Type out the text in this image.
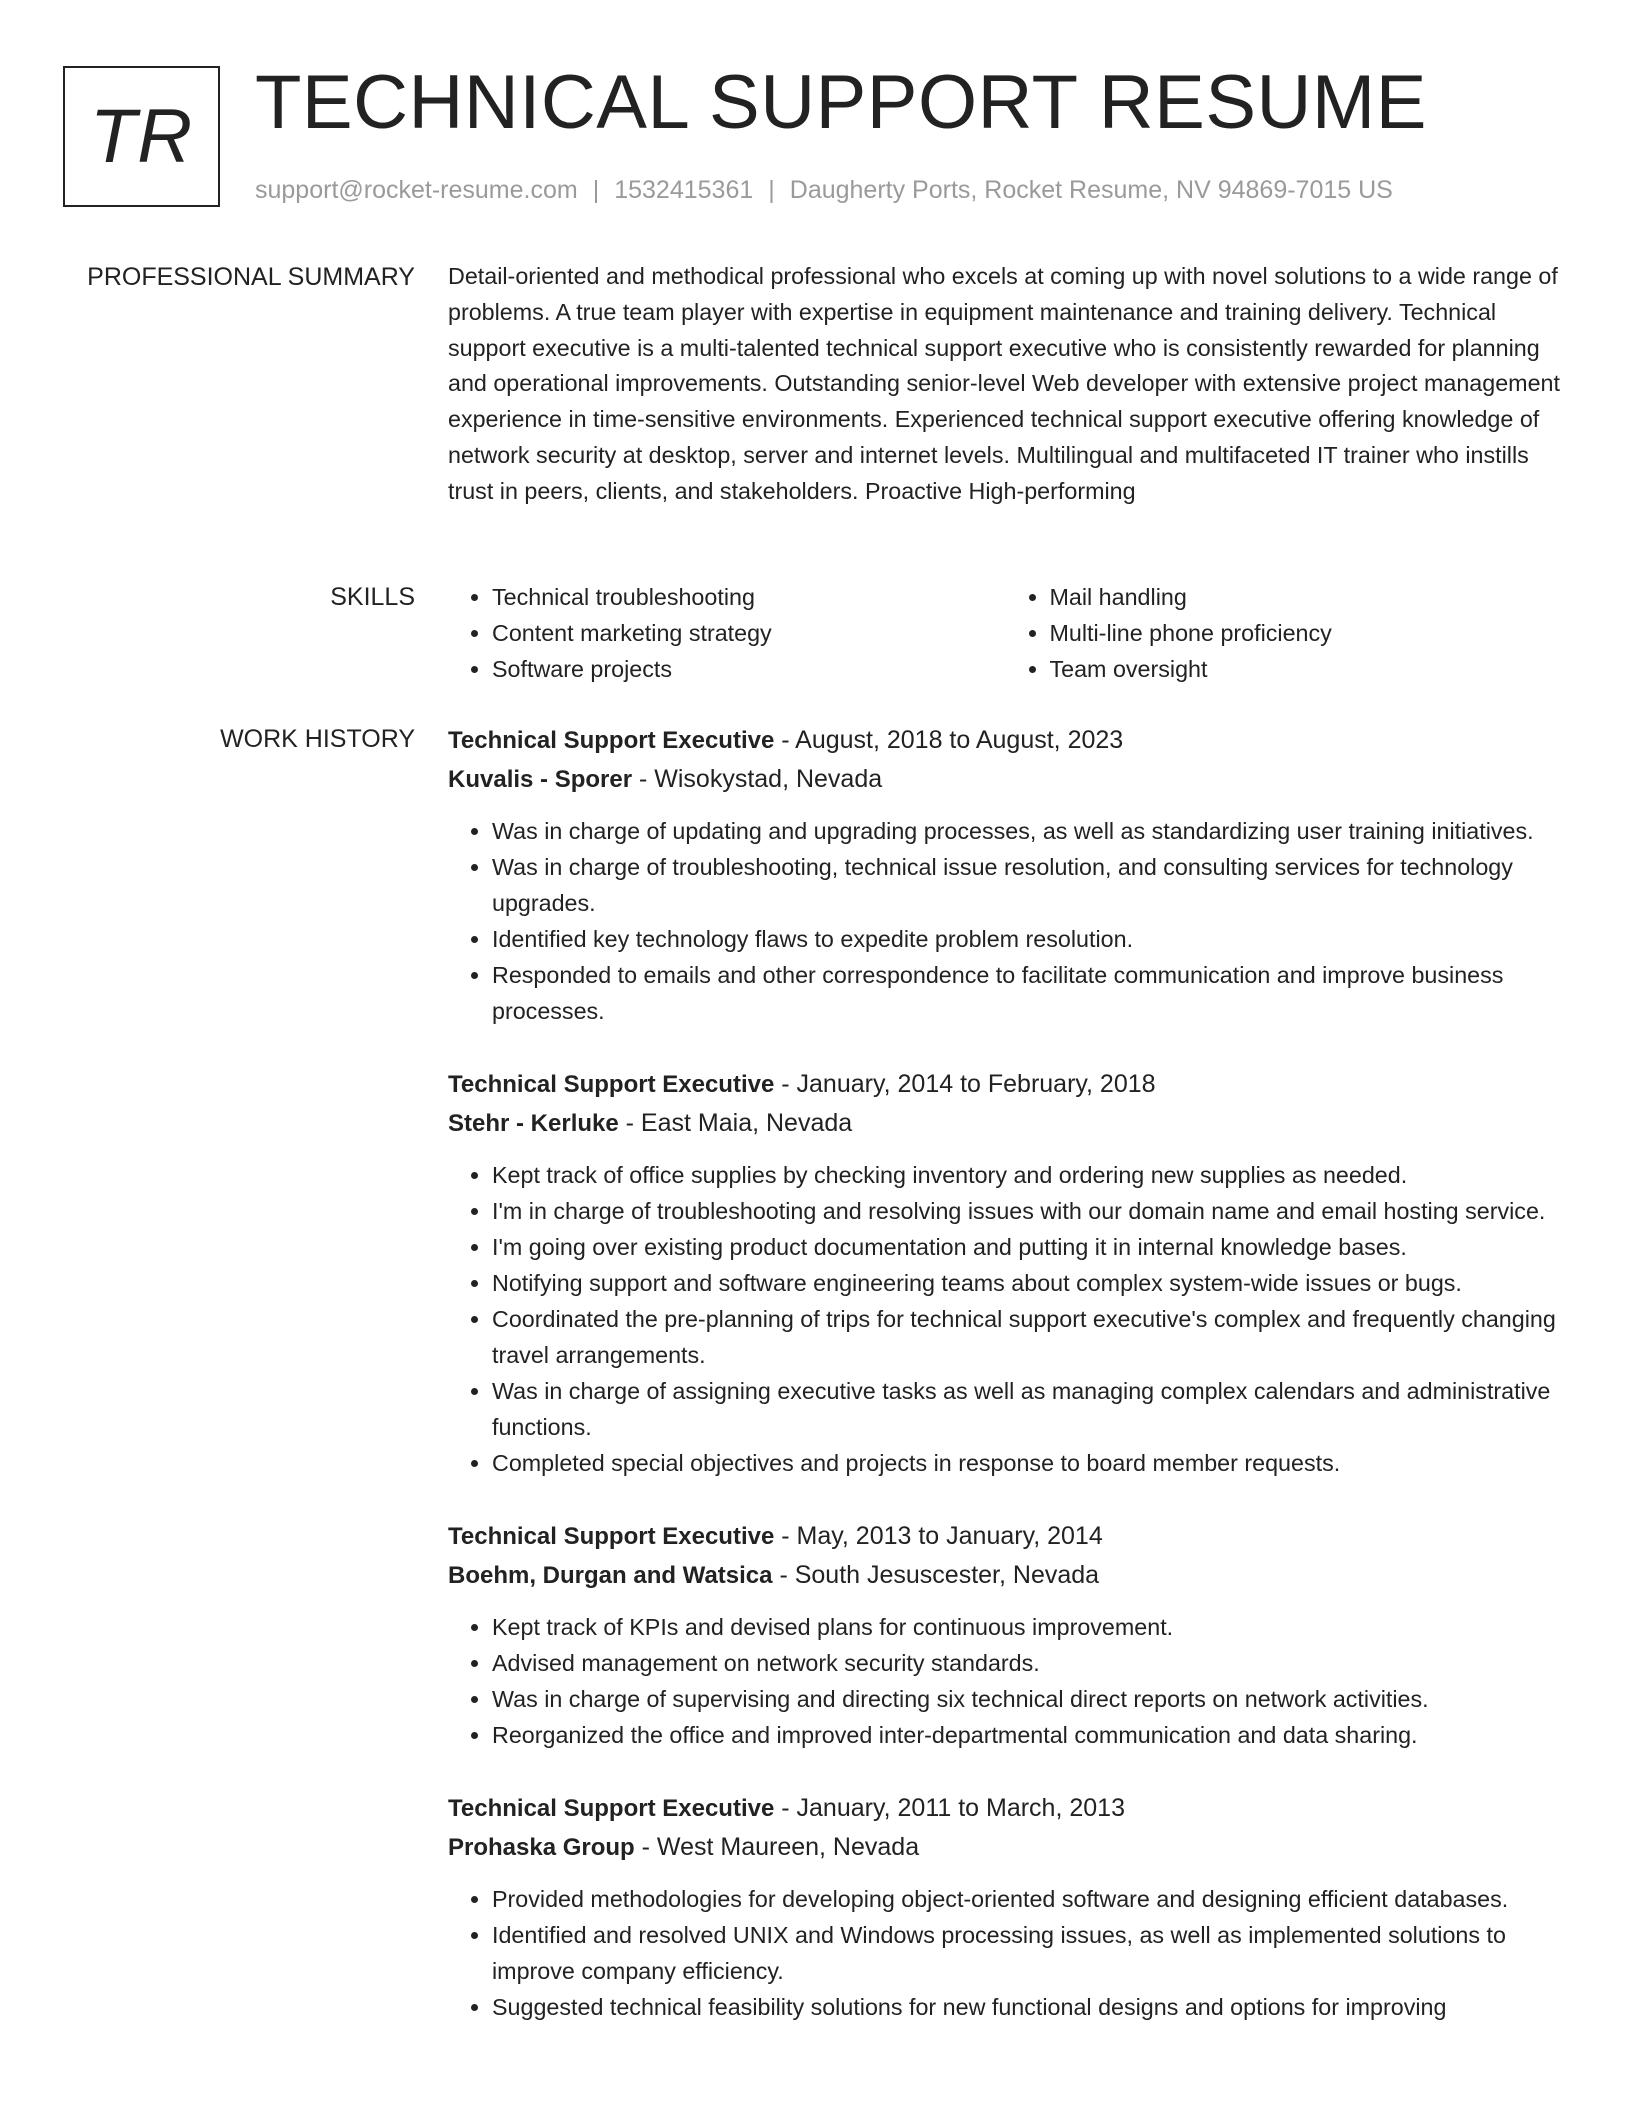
TR TECHNICAL SUPPORT RESUME
support@rocket-resume.com | 1532415361 | Daugherty Ports, Rocket Resume, NV 94869-7015 US
PROFESSIONAL SUMMARY Detail-oriented and methodical professional who excels at coming up with novel solutions to a wide range of problems. A true team player with expertise in equipment maintenance and training delivery. Technical support executive is a multi-talented technical support executive who is consistently rewarded for planning and operational improvements. Outstanding senior-level Web developer with extensive project management experience in time-sensitive environments. Experienced technical support executive offering knowledge of network security at desktop, server and internet levels. Multilingual and multifaceted IT trainer who instills trust in peers, clients, and stakeholders. Proactive High-performing

SKILLS
•	Technical troubleshooting
• Content marketing strategy
• Software projects
• Mail handling
• Multi-line phone proficiency
• Team oversight
WORK HISTORY Technical Support Executive - August, 2018 to August, 2023
Kuvalis - Sporer - Wisokystad, Nevada
• Was in charge of updating and upgrading processes, as well as standardizing user training initiatives.
• Was in charge of troubleshooting, technical issue resolution, and consulting services for technology upgrades.
• Identified key technology flaws to expedite problem resolution.
• Responded to emails and other correspondence to facilitate communication and improve business processes.
Technical Support Executive - January, 2014 to February, 2018
Stehr - Kerluke - East Maia, Nevada
• Kept track of office supplies by checking inventory and ordering new supplies as needed.
• I'm in charge of troubleshooting and resolving issues with our domain name and email hosting service.
• I'm going over existing product documentation and putting it in internal knowledge bases.
• Notifying support and software engineering teams about complex system-wide issues or bugs.
• Coordinated the pre-planning of trips for technical support executive's complex and frequently changing travel arrangements.
• Was in charge of assigning executive tasks as well as managing complex calendars and administrative functions.
• Completed special objectives and projects in response to board member requests.
Technical Support Executive - May, 2013 to January, 2014
Boehm, Durgan and Watsica - South Jesuscester, Nevada
• Kept track of KPIs and devised plans for continuous improvement.
• Advised management on network security standards.
• Was in charge of supervising and directing six technical direct reports on network activities.
• Reorganized the office and improved inter-departmental communication and data sharing.
Technical Support Executive - January, 2011 to March, 2013
Prohaska Group - West Maureen, Nevada
• Provided methodologies for developing object-oriented software and designing efficient databases.
• Identified and resolved UNIX and Windows processing issues, as well as implemented solutions to improve company efficiency.
• Suggested technical feasibility solutions for new functional designs and options for improving
